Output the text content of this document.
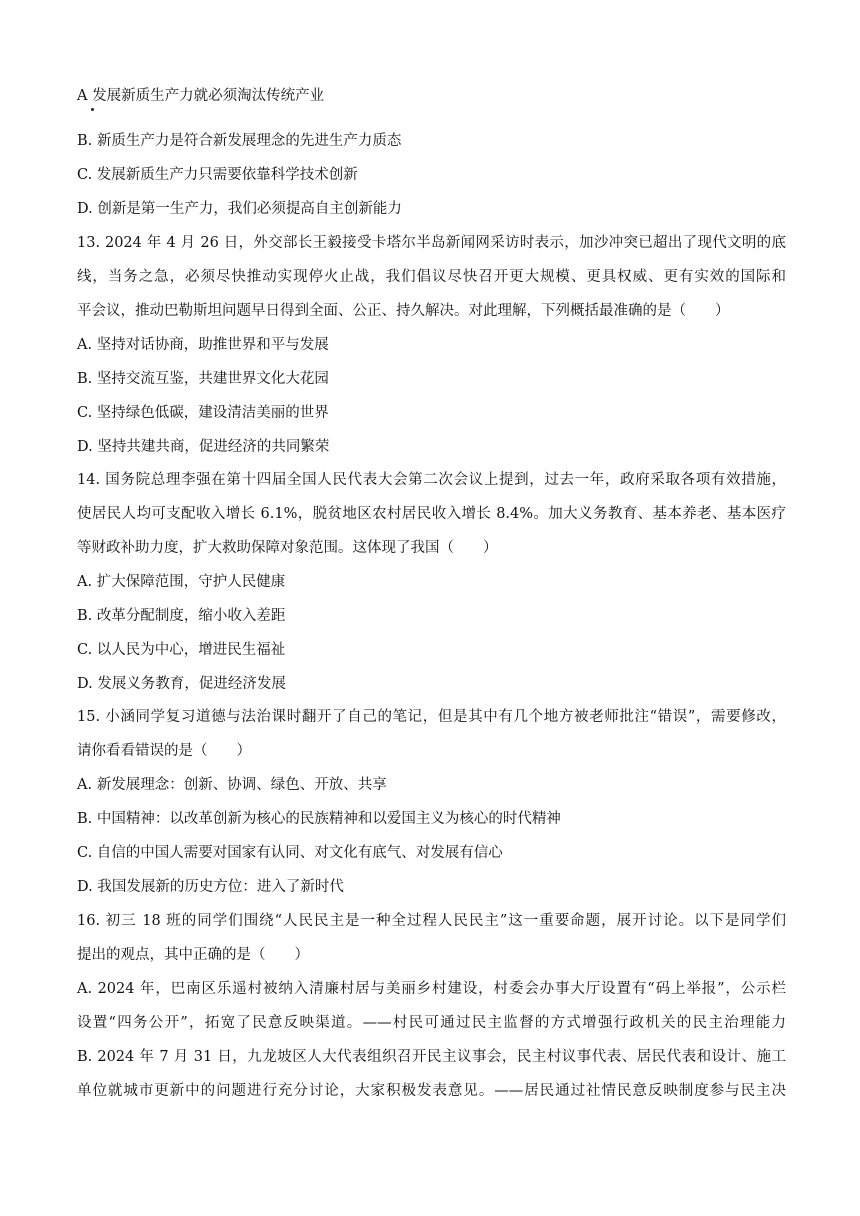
A 发展新质生产力就必须淘汰传统产业
B. 新质生产力是符合新发展理念的先进生产力质态
C. 发展新质生产力只需要依靠科学技术创新
D. 创新是第一生产力，我们必须提高自主创新能力
13. 2024 年 4 月 26 日，外交部长王毅接受卡塔尔半岛新闻网采访时表示，加沙冲突已超出了现代文明的底
线，当务之急，必须尽快推动实现停火止战，我们倡议尽快召开更大规模、更具权威、更有实效的国际和
平会议，推动巴勒斯坦问题早日得到全面、公正、持久解决。对此理解，下列概括最准确的是（　　）
A. 坚持对话协商，助推世界和平与发展
B. 坚持交流互鉴，共建世界文化大花园
C. 坚持绿色低碳，建设清洁美丽的世界
D. 坚持共建共商，促进经济的共同繁荣
14. 国务院总理李强在第十四届全国人民代表大会第二次会议上提到，过去一年，政府采取各项有效措施，
使居民人均可支配收入增长 6.1%，脱贫地区农村居民收入增长 8.4%。加大义务教育、基本养老、基本医疗
等财政补助力度，扩大救助保障对象范围。这体现了我国（　　）
A. 扩大保障范围，守护人民健康
B. 改革分配制度，缩小收入差距
C. 以人民为中心，增进民生福祉
D. 发展义务教育，促进经济发展
15. 小涵同学复习道德与法治课时翻开了自己的笔记，但是其中有几个地方被老师批注“错误”，需要修改，
请你看看错误的是（　　）
A. 新发展理念：创新、协调、绿色、开放、共享
B. 中国精神：以改革创新为核心的民族精神和以爱国主义为核心的时代精神
C. 自信的中国人需要对国家有认同、对文化有底气、对发展有信心
D. 我国发展新的历史方位：进入了新时代
16. 初三 18 班的同学们围绕“人民民主是一种全过程人民民主”这一重要命题，展开讨论。以下是同学们
提出的观点，其中正确的是（　　）
A. 2024 年，巴南区乐遥村被纳入清廉村居与美丽乡村建设，村委会办事大厅设置有“码上举报”，公示栏
设置“四务公开”，拓宽了民意反映渠道。——村民可通过民主监督的方式增强行政机关的民主治理能力
B. 2024 年 7 月 31 日，九龙坡区人大代表组织召开民主议事会，民主村议事代表、居民代表和设计、施工
单位就城市更新中的问题进行充分讨论，大家积极发表意见。——居民通过社情民意反映制度参与民主决
